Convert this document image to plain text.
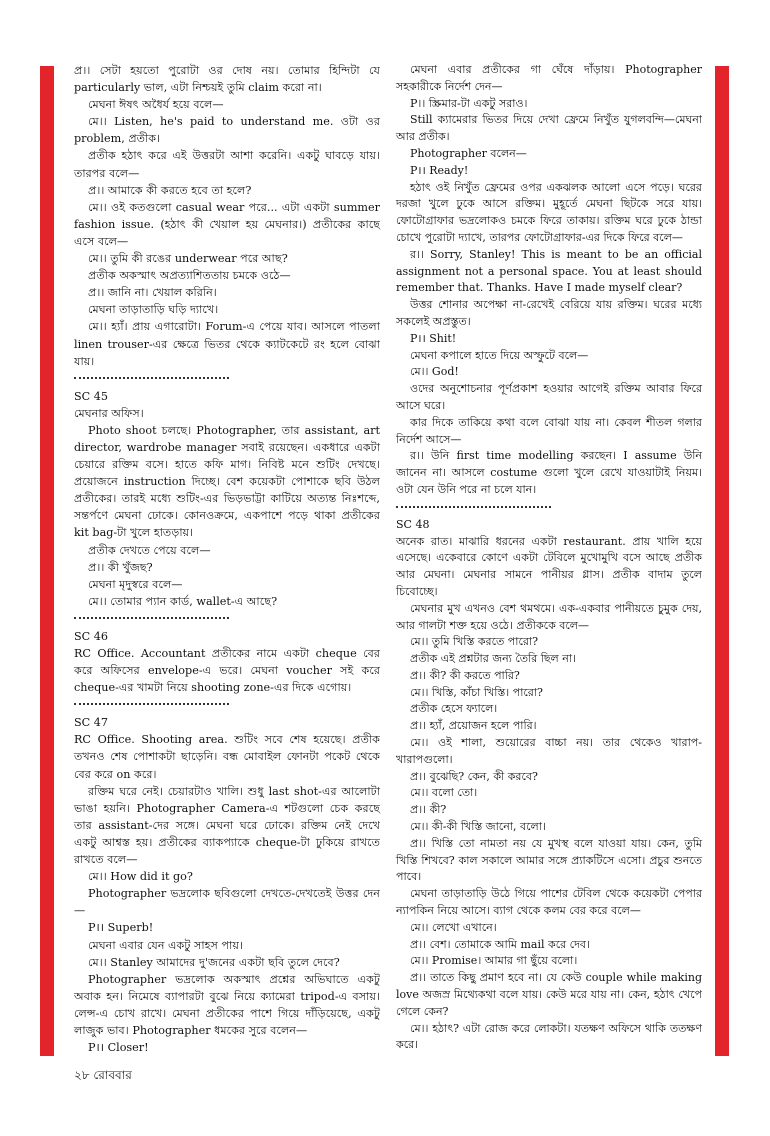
প্র।। সেটা হয়তো পুরোটা ওর দোষ নয়। তোমার হিন্দিটা যে particularly ভাল, এটা নিশ্চয়ই তুমি claim করো না।

মেঘনা ঈষৎ অধৈর্য হয়ে বলে—

মে।। Listen, he's paid to understand me. ওটা ওর problem, প্রতীক।

প্রতীক হঠাৎ করে এই উত্তরটা আশা করেনি। একটু ঘাবড়ে যায়। তারপর বলে—

প্র।। আমাকে কী করতে হবে তা হলে?

মে।। ওই কতগুলো casual wear পরে... এটা একটা summer fashion issue. (হঠাৎ কী খেয়াল হয় মেঘনার।) প্রতীকের কাছে এসে বলে—

মে।। তুমি কী রঙের underwear পরে আছ?

প্রতীক অকস্মাৎ অপ্রত্যাশিততায় চমকে ওঠে—

প্র।। জানি না। খেয়াল করিনি।

মেঘনা তাড়াতাড়ি ঘড়ি দ্যাখে।

মে।। হ্যাঁ। প্রায় এগারোটা। Forum-এ পেয়ে যাব। আসলে পাতলা linen trouser-এর ক্ষেত্রে ভিতর থেকে ক্যাটকেটে রং হলে বোঝা যায়।

SC 45

মেঘনার অফিস।

Photo shoot চলছে। Photographer, তার assistant, art director, wardrobe manager সবাই রয়েছেন। একধারে একটা চেয়ারে রক্তিম বসে। হাতে কফি মাগ। নিবিষ্ট মনে শুটিং দেখছে। প্রয়োজনে instruction দিচ্ছে। বেশ কয়েকটা পোশাকে ছবি উঠল প্রতীকের। তারই মধ্যে শুটিং-এর ভিড়ভাট্টা কাটিয়ে অত্যন্ত নিঃশব্দে, সন্তর্পণে মেঘনা ঢোকে। কোনওক্রমে, একপাশে পড়ে থাকা প্রতীকের kit bag-টা খুলে হাতড়ায়।

প্রতীক দেখতে পেয়ে বলে—

প্র।। কী খুঁজছ?

মেঘনা মৃদুস্বরে বলে—

মে।। তোমার প্যান কার্ড, wallet-এ আছে?

SC 46

RC Office. Accountant প্রতীকের নামে একটা cheque বের করে অফিসের envelope-এ ভরে। মেঘনা voucher সই করে cheque-এর খামটা নিয়ে shooting zone-এর দিকে এগোয়।

SC 47

RC Office. Shooting area. শুটিং সবে শেষ হয়েছে। প্রতীক তখনও শেষ পোশাকটা ছাড়েনি। বন্ধ মোবাইল ফোনটা পকেট থেকে বের করে on করে।

রক্তিম ঘরে নেই। চেয়ারটাও খালি। শুধু last shot-এর আলোটা ভাঙা হয়নি। Photographer Camera-এ শটগুলো চেক করছে তার assistant-দের সঙ্গে। মেঘনা ঘরে ঢোকে। রক্তিম নেই দেখে একটু আশ্বস্ত হয়। প্রতীকের ব্যাকপ্যাকে cheque-টা ঢুকিয়ে রাখতে রাখতে বলে—

মে।। How did it go?

Photographer ভদ্রলোক ছবিগুলো দেখতে-দেখতেই উত্তর দেন—

P।। Superb!

মেঘনা এবার যেন একটু সাহস পায়।

মে।। Stanley আমাদের দু'জনের একটা ছবি তুলে দেবে?

Photographer ভদ্রলোক অকস্মাৎ প্রশ্নের অভিঘাতে একটু অবাক হন। নিমেষে ব্যাপারটা বুঝে নিয়ে ক্যামেরা tripod-এ বসায়। লেন্স-এ চোখ রাখে। মেঘনা প্রতীকের পাশে গিয়ে দাঁড়িয়েছে, একটু লাজুক ভাব। Photographer ধমকের সুরে বলেন—

P।। Closer!

মেঘনা এবার প্রতীকের গা ঘেঁষে দাঁড়ায়। Photographer সহকারীকে নির্দেশ দেন—

P।। স্ক্রিমার-টা একটু সরাও।

Still ক্যামেরার ভিতর দিয়ে দেখা ফ্রেমে নিখুঁত যুগলবন্দি—মেঘনা আর প্রতীক।

Photographer বলেন—

P।। Ready!

হঠাৎ ওই নিখুঁত ফ্রেমের ওপর একঝলক আলো এসে পড়ে। ঘরের দরজা খুলে ঢুকে আসে রক্তিম। মুহূর্তে মেঘনা ছিটকে সরে যায়। ফোটোগ্রাফার ভদ্রলোকও চমকে ফিরে তাকায়। রক্তিম ঘরে ঢুকে ঠান্ডা চোখে পুরোটা দ্যাখে, তারপর ফোটোগ্রাফার-এর দিকে ফিরে বলে—

র।। Sorry, Stanley! This is meant to be an official assignment not a personal space. You at least should remember that. Thanks. Have I made myself clear?

উত্তর শোনার অপেক্ষা না-রেখেই বেরিয়ে যায় রক্তিম। ঘরের মধ্যে সকলেই অপ্রস্তুত।

P।। Shit!

মেঘনা কপালে হাতে দিয়ে অস্ফুটে বলে—

মে।। God!

ওদের অনুশোচনার পূর্ণপ্রকাশ হওয়ার আগেই রক্তিম আবার ফিরে আসে ঘরে।

কার দিকে তাকিয়ে কথা বলে বোঝা যায় না। কেবল শীতল গলার নির্দেশ আসে—

র।। উনি first time modelling করছেন। I assume উনি জানেন না। আসলে costume গুলো খুলে রেখে যাওয়াটাই নিয়ম। ওটা যেন উনি পরে না চলে যান।

SC 48

অনেক রাত। মাঝারি ধরনের একটা restaurant. প্রায় খালি হয়ে এসেছে। একেবারে কোণে একটা টেবিলে মুখোমুখি বসে আছে প্রতীক আর মেঘনা। মেঘনার সামনে পানীয়র গ্লাস। প্রতীক বাদাম তুলে চিবোচ্ছে।

মেঘনার মুখ এখনও বেশ থমথমে। এক-একবার পানীয়তে চুমুক দেয়, আর গালটা শক্ত হয়ে ওঠে। প্রতীককে বলে—

মে।। তুমি খিস্তি করতে পারো?

প্রতীক এই প্রশ্নটার জন্য তৈরি ছিল না।

প্র।। কী? কী করতে পারি?

মে।। খিস্তি, কাঁচা খিস্তি। পারো?

প্রতীক হেসে ফ্যালে।

প্র।। হ্যাঁ, প্রয়োজন হলে পারি।

মে।। ওই শালা, শুয়োরের বাচ্চা নয়। তার থেকেও খারাপ-খারাপগুলো।

প্র।। বুঝেছি? কেন, কী করবে?

মে।। বলো তো।

প্র।। কী?

মে।। কী-কী খিস্তি জানো, বলো।

প্র।। খিস্তি তো নামতা নয় যে মুখস্থ বলে যাওয়া যায়। কেন, তুমি খিস্তি শিখবে? কাল সকালে আমার সঙ্গে প্র্যাকটিসে এসো। প্রচুর শুনতে পাবে।

মেঘনা তাড়াতাড়ি উঠে গিয়ে পাশের টেবিল থেকে কয়েকটা পেপার ন্যাপকিন নিয়ে আসে। ব্যাগ থেকে কলম বের করে বলে—

মে।। লেখো এখানে।

প্র।। বেশ। তোমাকে আমি mail করে দেব।

মে।। Promise। আমার গা ছুঁয়ে বলো।

প্র।। তাতে কিছু প্রমাণ হবে না। যে কেউ couple while making love অজস্র মিথ্যেকথা বলে যায়। কেউ মরে যায় না। কেন, হঠাৎ খেপে গেলে কেন?

মে।। হঠাৎ? এটা রোজ করে লোকটা। যতক্ষণ অফিসে থাকি ততক্ষণ করে।

২৮ রোববার
